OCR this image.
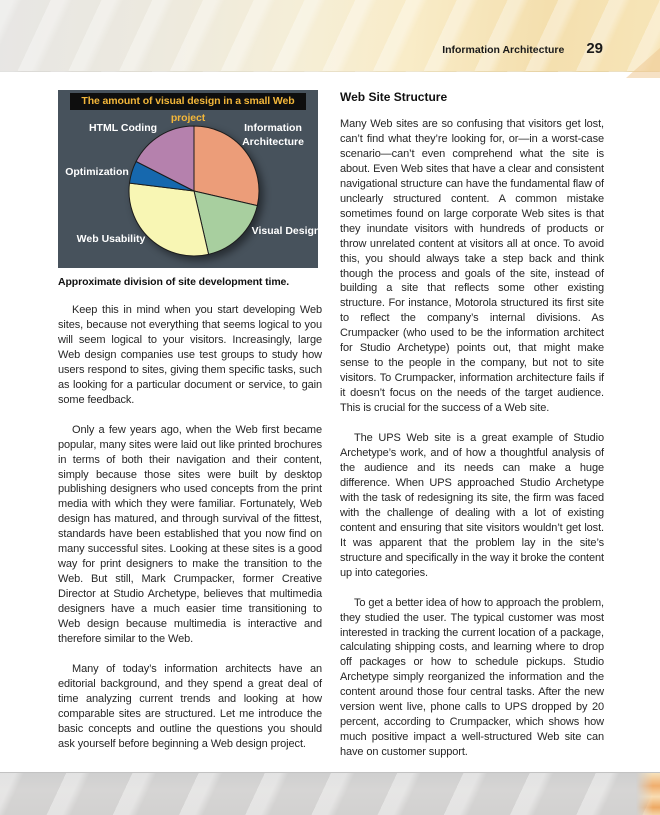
Information Architecture 29
The amount of visual design in a small Web project
HTML Coding	Information Architecture
Optimization
Web Usability
Visual Design
Approximate division of site development time.

Keep this in mind when you start developing Web sites, because not everything that seems logical to you will seem logical to your visitors. Increasingly, large Web design companies use test groups to study how users respond to sites, giving them specific tasks, such as looking for a particular document or service, to gain some feedback.

Only a few years ago, when the Web first became popular, many sites were laid out like printed brochures in terms of both their navigation and their content, simply because those sites were built by desktop publishing designers who used concepts from the print media with which they were familiar. Fortunately, Web design has matured, and through survival of the fittest, standards have been established that you now find on many successful sites. Looking at these sites is a good way for print designers to make the transition to the Web. But still, Mark Crumpacker, former Creative Director at Studio Archetype, believes that multimedia designers have a much easier time transitioning to Web design because multimedia is interactive and therefore similar to the Web.

Many of today’s information architects have an editorial background, and they spend a great deal of time analyzing current trends and looking at how comparable sites are structured. Let me introduce the basic concepts and outline the questions you should ask yourself before beginning a Web design project.

Web Site Structure

Many Web sites are so confusing that visitors get lost, can’t find what they’re looking for, or—in a worst-case scenario—can’t even comprehend what the site is about. Even Web sites that have a clear and consistent navigational structure can have the fundamental flaw of unclearly structured content. A common mistake sometimes found on large corporate Web sites is that they inundate visitors with hundreds of products or throw unrelated content at visitors all at once. To avoid this, you should always take a step back and think though the process and goals of the site, instead of building a site that reflects some other existing structure. For instance, Motorola structured its first site to reflect the company’s internal divisions. As Crumpacker (who used to be the information architect for Studio Archetype) points out, that might make sense to the people in the company, but not to site visitors. To Crumpacker, information architecture fails if it doesn’t focus on the needs of the target audience. This is crucial for the success of a Web site.

The UPS Web site is a great example of Studio Archetype’s work, and of how a thoughtful analysis of the audience and its needs can make a huge difference. When UPS approached Studio Archetype with the task of redesigning its site, the firm was faced with the challenge of dealing with a lot of existing content and ensuring that site visitors wouldn’t get lost. It was apparent that the problem lay in the site’s structure and specifically in the way it broke the content up into categories.

To get a better idea of how to approach the problem, they studied the user. The typical customer was most interested in tracking the current location of a package, calculating shipping costs, and learning where to drop off packages or how to schedule pickups. Studio Archetype simply reorganized the information and the content around those four central tasks. After the new version went live, phone calls to UPS dropped by 20 percent, according to Crumpacker, which shows how much positive impact a well-structured Web site can have on customer support.
